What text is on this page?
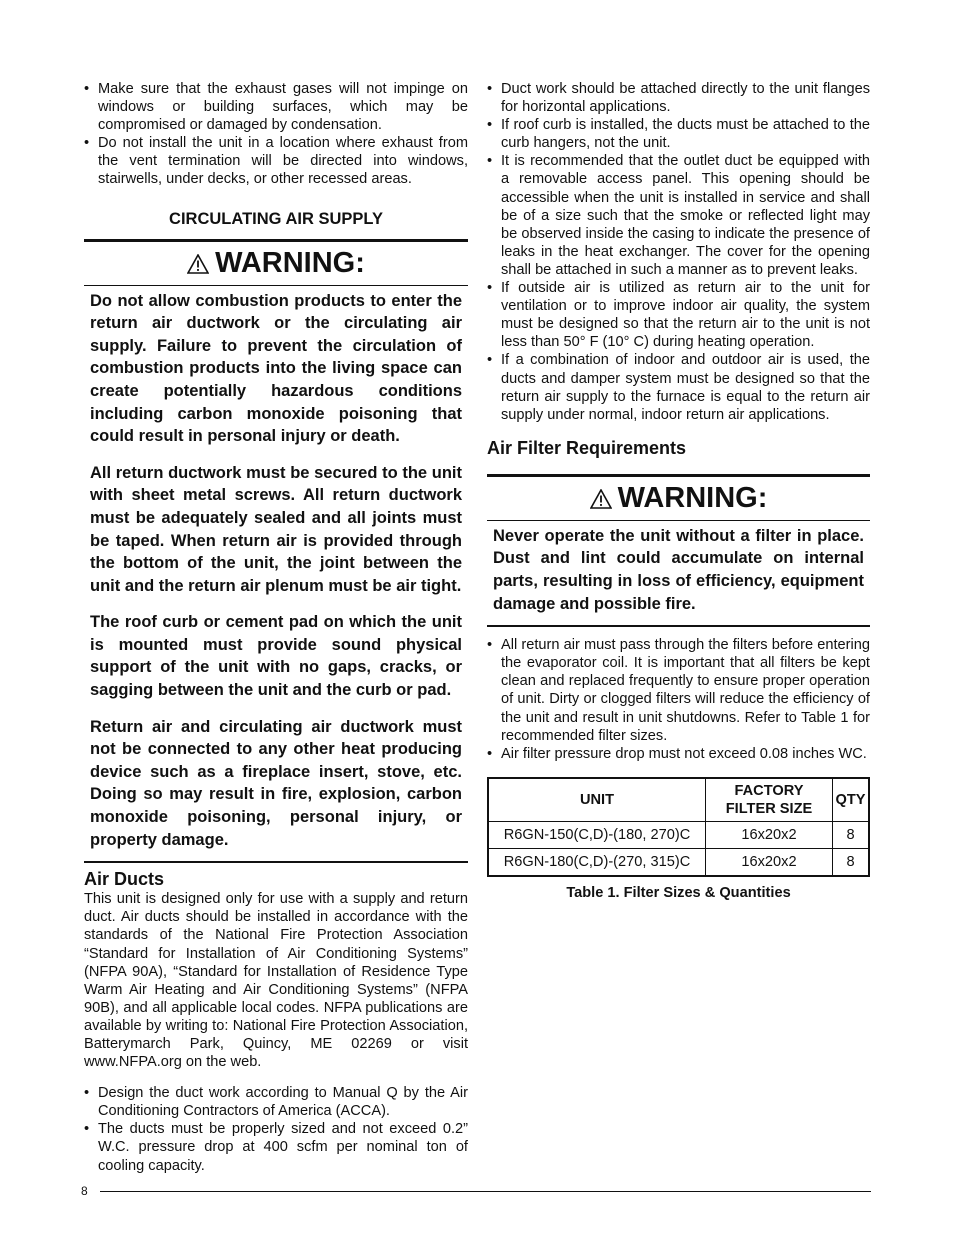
• Make sure that the exhaust gases will not impinge on windows or building surfaces, which may be compromised or damaged by condensation.
• Do not install the unit in a location where exhaust from the vent termination will be directed into windows, stairwells, under decks, or other recessed areas.
CIRCULATING AIR SUPPLY
WARNING:

Do not allow combustion products to enter the return air ductwork or the circulating air supply. Failure to prevent the circulation of combustion products into the living space can create potentially hazardous conditions including carbon monoxide poisoning that could result in personal injury or death.

All return ductwork must be secured to the unit with sheet metal screws. All return ductwork must be adequately sealed and all joints must be taped. When return air is provided through the bottom of the unit, the joint between the unit and the return air plenum must be air tight.

The roof curb or cement pad on which the unit is mounted must provide sound physical support of the unit with no gaps, cracks, or sagging between the unit and the curb or pad.

Return air and circulating air ductwork must not be connected to any other heat producing device such as a fireplace insert, stove, etc. Doing so may result in fire, explosion, carbon monoxide poisoning, personal injury, or property damage.

Air Ducts

This unit is designed only for use with a supply and return duct. Air ducts should be installed in accordance with the standards of the National Fire Protection Association “Standard for Installation of Air Conditioning Systems” (NFPA 90A), “Standard for Installation of Residence Type Warm Air Heating and Air Conditioning Systems” (NFPA 90B), and all applicable local codes. NFPA publications are available by writing to: National Fire Protection Association, Batterymarch Park, Quincy, ME 02269 or visit www.NFPA.org on the web.

• Design the duct work according to Manual Q by the Air Conditioning Contractors of America (ACCA).
• The ducts must be properly sized and not exceed 0.2” W.C. pressure drop at 400 scfm per nominal ton of cooling capacity.
• Duct work should be attached directly to the unit flanges for horizontal applications.
• If roof curb is installed, the ducts must be attached to the curb hangers, not the unit.
• It is recommended that the outlet duct be equipped with a removable access panel. This opening should be accessible when the unit is installed in service and shall be of a size such that the smoke or reflected light may be observed inside the casing to indicate the presence of leaks in the heat exchanger. The cover for the opening shall be attached in such a manner as to prevent leaks.
• If outside air is utilized as return air to the unit for ventilation or to improve indoor air quality, the system must be designed so that the return air to the unit is not less than 50° F (10° C) during heating operation.
• If a combination of indoor and outdoor air is used, the ducts and damper system must be designed so that the return air supply to the furnace is equal to the return air supply under normal, indoor return air applications.
Air Filter Requirements
WARNING:

Never operate the unit without a filter in place. Dust and lint could accumulate on internal parts, resulting in loss of efficiency, equipment damage and possible fire.

• All return air must pass through the filters before entering the evaporator coil. It is important that all filters be kept clean and replaced frequently to ensure proper operation of unit. Dirty or clogged filters will reduce the efficiency of the unit and result in unit shutdowns. Refer to Table 1 for recommended filter sizes.
• Air filter pressure drop must not exceed 0.08 inches WC.
UNIT	FACTORY FILTER SIZE	QTY
R6GN-150(C,D)-(180, 270)C	16x20x2	8
R6GN-180(C,D)-(270, 315)C	16x20x2	8
Table 1. Filter Sizes & Quantities
8
